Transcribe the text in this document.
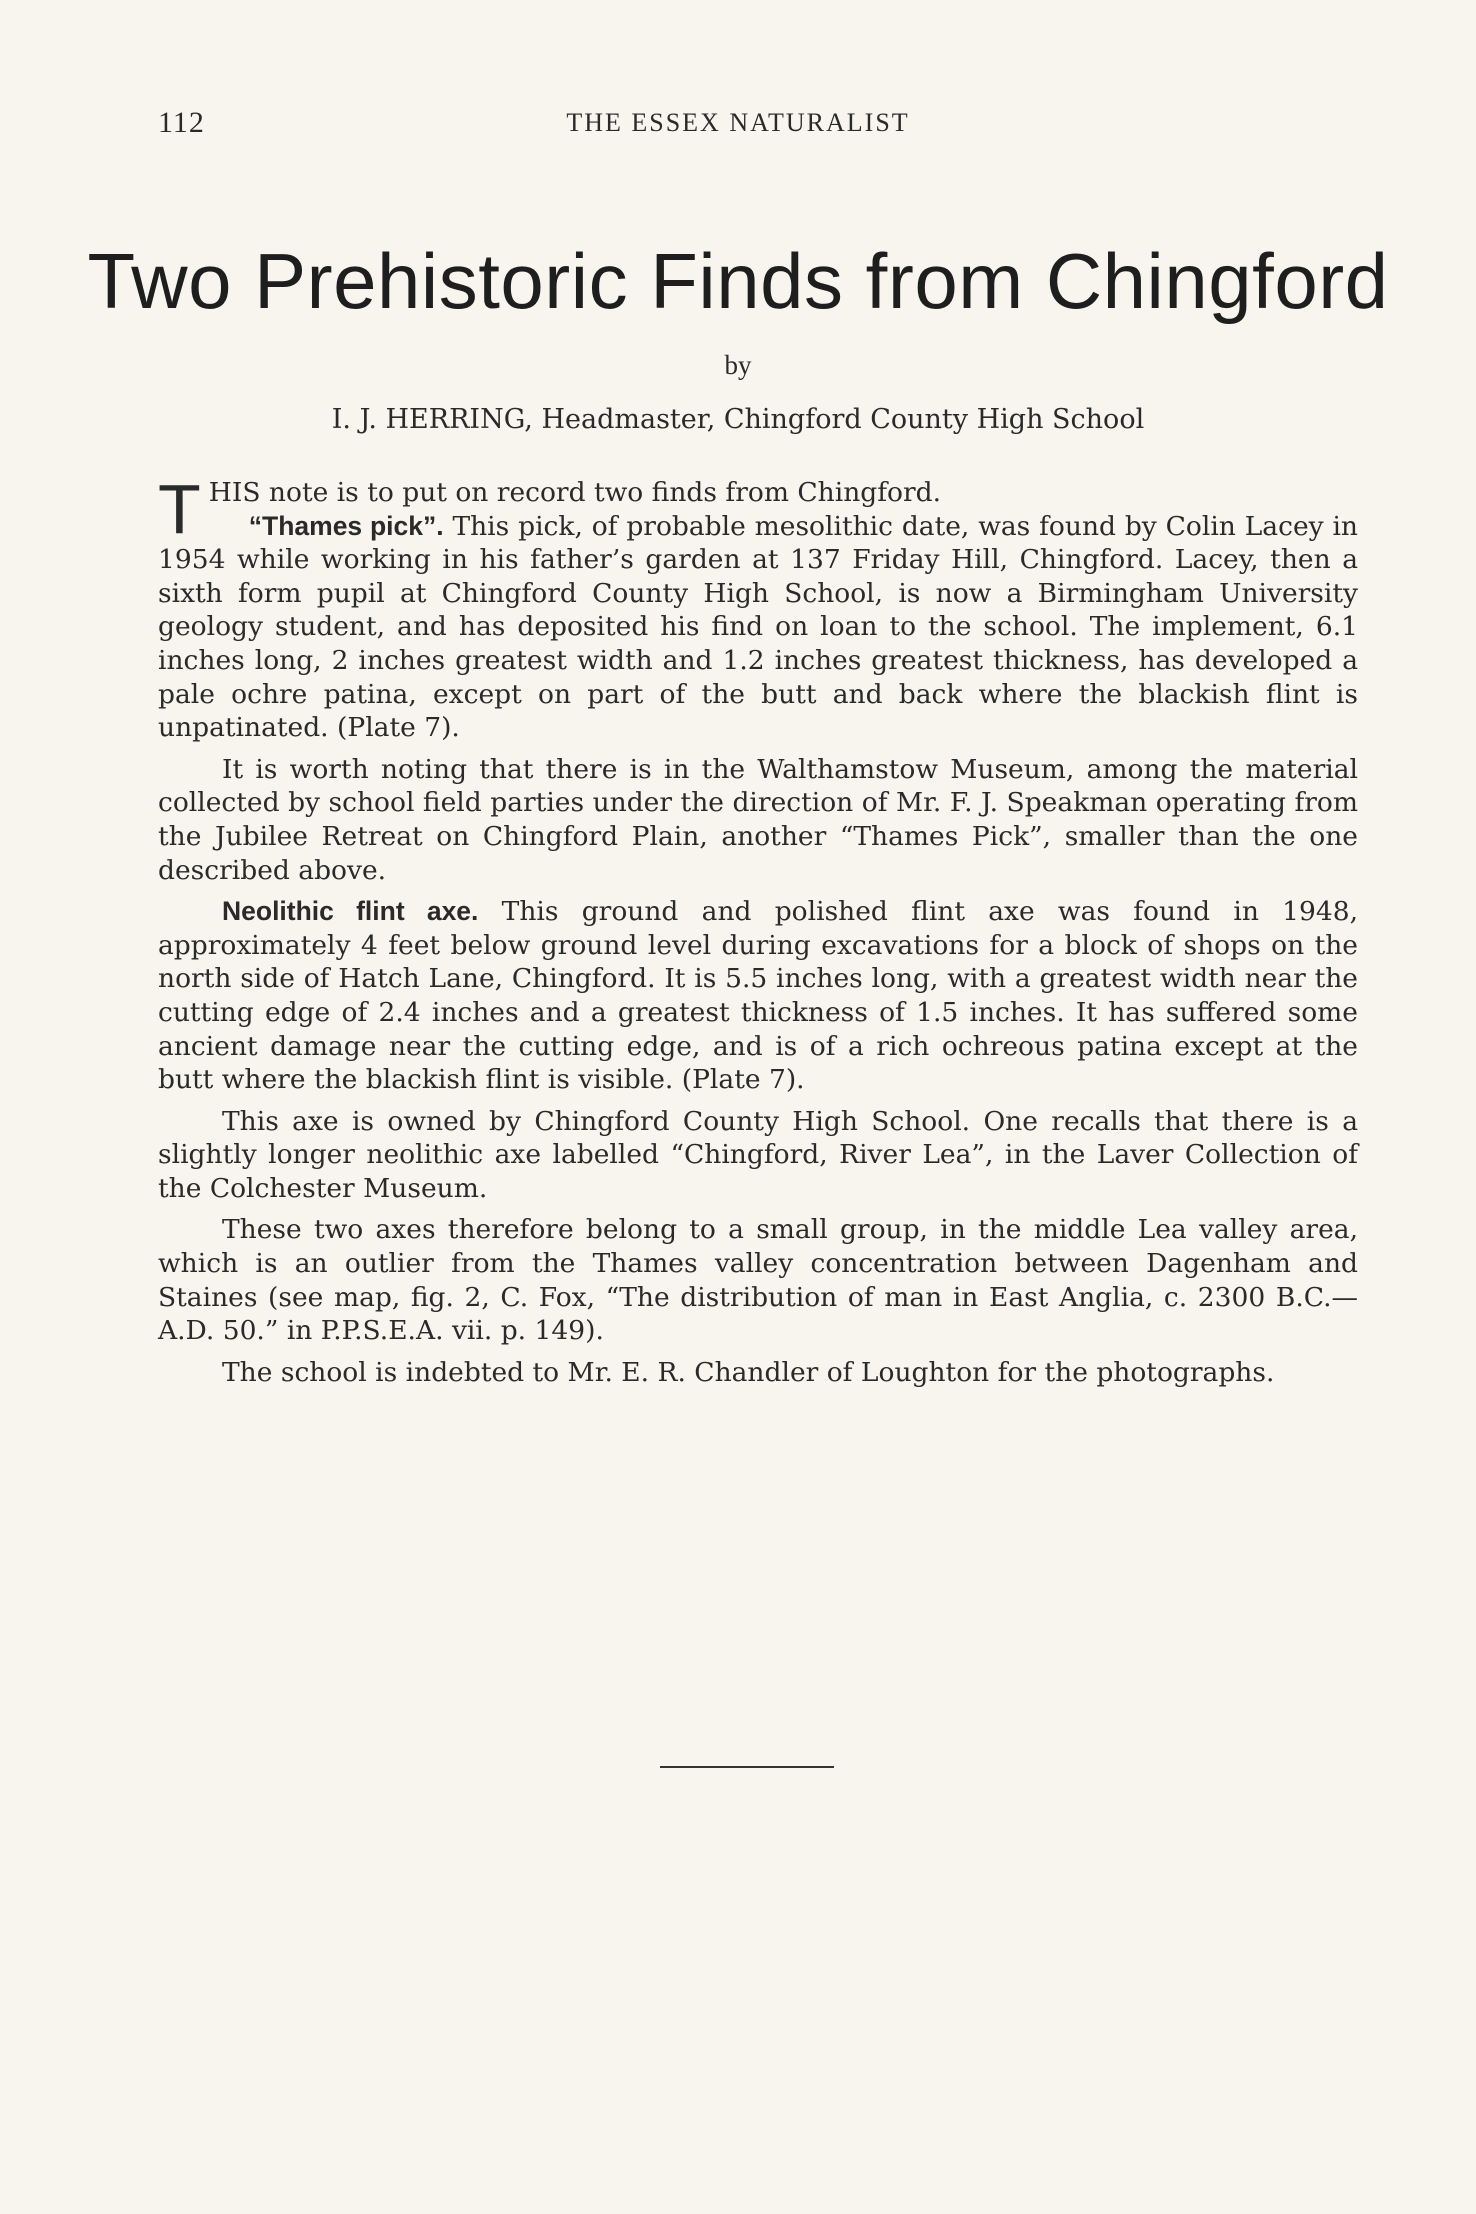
112	THE ESSEX NATURALIST
Two Prehistoric Finds from Chingford
by
I. J. HERRING, Headmaster, Chingford County High School

THIS note is to put on record two finds from Chingford.

“Thames pick”. This pick, of probable mesolithic date, was found by Colin Lacey in 1954 while working in his father’s garden at 137 Friday Hill, Chingford. Lacey, then a sixth form pupil at Chingford County High School, is now a Birmingham University geology student, and has deposited his find on loan to the school. The implement, 6.1 inches long, 2 inches greatest width and 1.2 inches greatest thickness, has developed a pale ochre patina, except on part of the butt and back where the blackish flint is unpatinated. (Plate 7).

It is worth noting that there is in the Walthamstow Museum, among the material collected by school field parties under the direction of Mr. F. J. Speakman operating from the Jubilee Retreat on Chingford Plain, another “Thames Pick”, smaller than the one described above.

Neolithic flint axe. This ground and polished flint axe was found in 1948, approximately 4 feet below ground level during excavations for a block of shops on the north side of Hatch Lane, Chingford. It is 5.5 inches long, with a greatest width near the cutting edge of 2.4 inches and a greatest thickness of 1.5 inches. It has suffered some ancient damage near the cutting edge, and is of a rich ochreous patina except at the butt where the blackish flint is visible. (Plate 7).

This axe is owned by Chingford County High School. One recalls that there is a slightly longer neolithic axe labelled “Chingford, River Lea”, in the Laver Collection of the Colchester Museum.

These two axes therefore belong to a small group, in the middle Lea valley area, which is an outlier from the Thames valley concentration between Dagenham and Staines (see map, fig. 2, C. Fox, “The distribution of man in East Anglia, c. 2300 B.C.—A.D. 50.” in P.P.S.E.A. vii. p. 149).

The school is indebted to Mr. E. R. Chandler of Loughton for the photographs.
